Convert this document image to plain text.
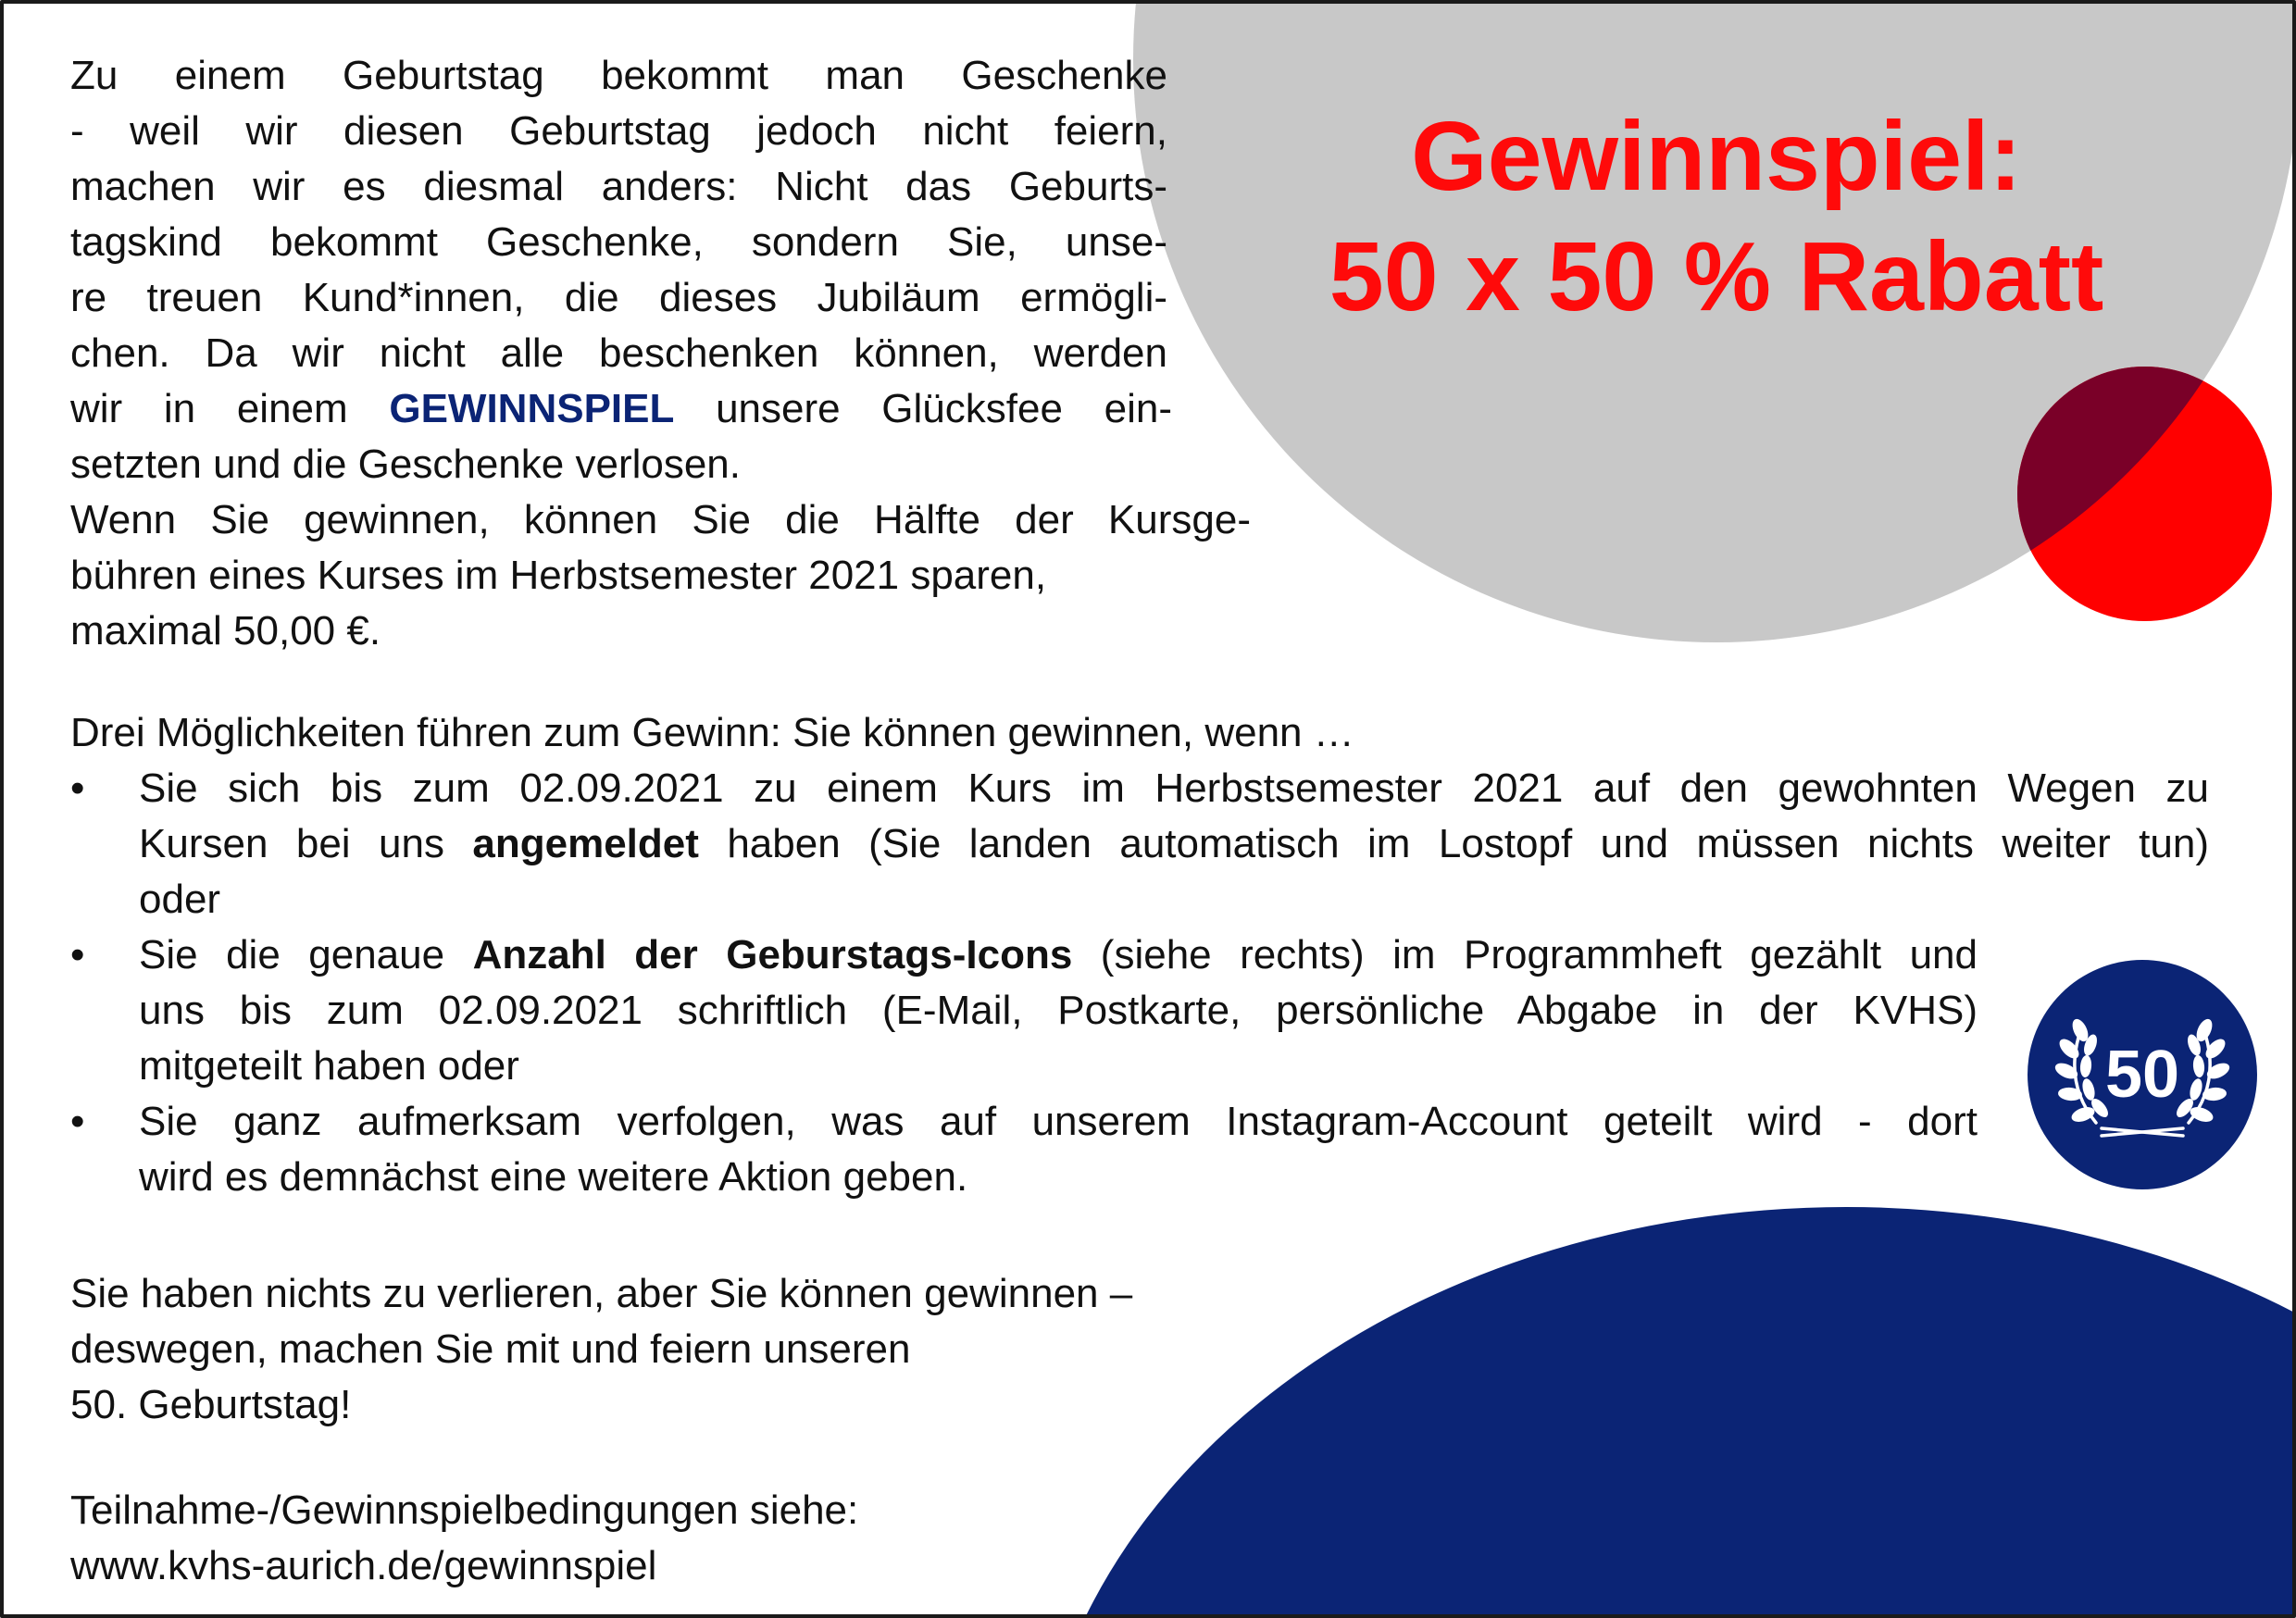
Gewinnspiel:
50 x 50 % Rabatt
Zu einem Geburtstag bekommt man Geschenke
- weil wir diesen Geburtstag jedoch nicht feiern,
machen wir es diesmal anders: Nicht das Geburts-
tagskind bekommt Geschenke, sondern Sie, unse-
re treuen Kund*innen, die dieses Jubiläum ermögli-
chen. Da wir nicht alle beschenken können, werden
wir in einem GEWINNSPIEL unsere Glücksfee ein-
setzten und die Geschenke verlosen.
Wenn Sie gewinnen, können Sie die Hälfte der Kursge-
bühren eines Kurses im Herbstsemester 2021 sparen,
maximal 50,00 €.
Drei Möglichkeiten führen zum Gewinn: Sie können gewinnen, wenn …
•	Sie sich bis zum 02.09.2021 zu einem Kurs im Herbstsemester 2021 auf den gewohnten Wegen zu
Kursen bei uns angemeldet haben (Sie landen automatisch im Lostopf und müssen nichts weiter tun)
oder
•	Sie die genaue Anzahl der Geburstags-Icons (siehe rechts) im Programmheft gezählt und
uns bis zum 02.09.2021 schriftlich (E-Mail, Postkarte, persönliche Abgabe in der KVHS)
mitgeteilt haben oder
•	Sie ganz aufmerksam verfolgen, was auf unserem Instagram-Account geteilt wird - dort
wird es demnächst eine weitere Aktion geben.
Sie haben nichts zu verlieren, aber Sie können gewinnen –
deswegen, machen Sie mit und feiern unseren
50. Geburtstag!
Teilnahme-/Gewinnspielbedingungen siehe:
www.kvhs-aurich.de/gewinnspiel
50
